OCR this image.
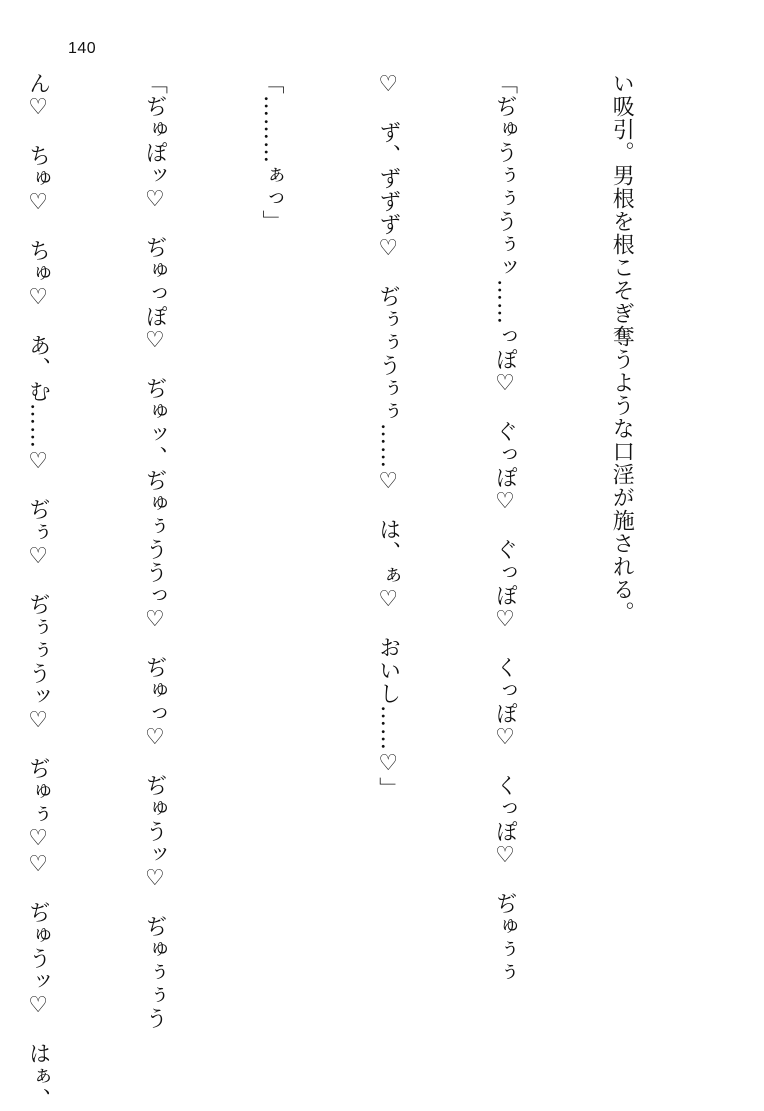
140

い吸引。男根を根こそぎ奪うような口淫が施される。

「ぢゅうぅぅうぅッ……っぽ♡　ぐっぽ♡　ぐっぽ♡　くっぽ♡　くっぽ♡　ぢゅぅぅ

♡　ず、ずずず♡　ぢぅぅうぅぅ……♡　は、ぁ♡　おいし……♡」

「………ぁっ」

「ぢゅぽッ♡　ぢゅっぽ♡　ぢゅッ、ぢゅぅううっ♡　ぢゅっ♡　ぢゅうッ♡　ぢゅぅぅう

ん♡　ちゅ♡　ちゅ♡　あ、む……♡　ぢぅ♡　ぢぅぅうッ♡　ぢゅぅ♡♡　ぢゅうッ♡　はぁ、
